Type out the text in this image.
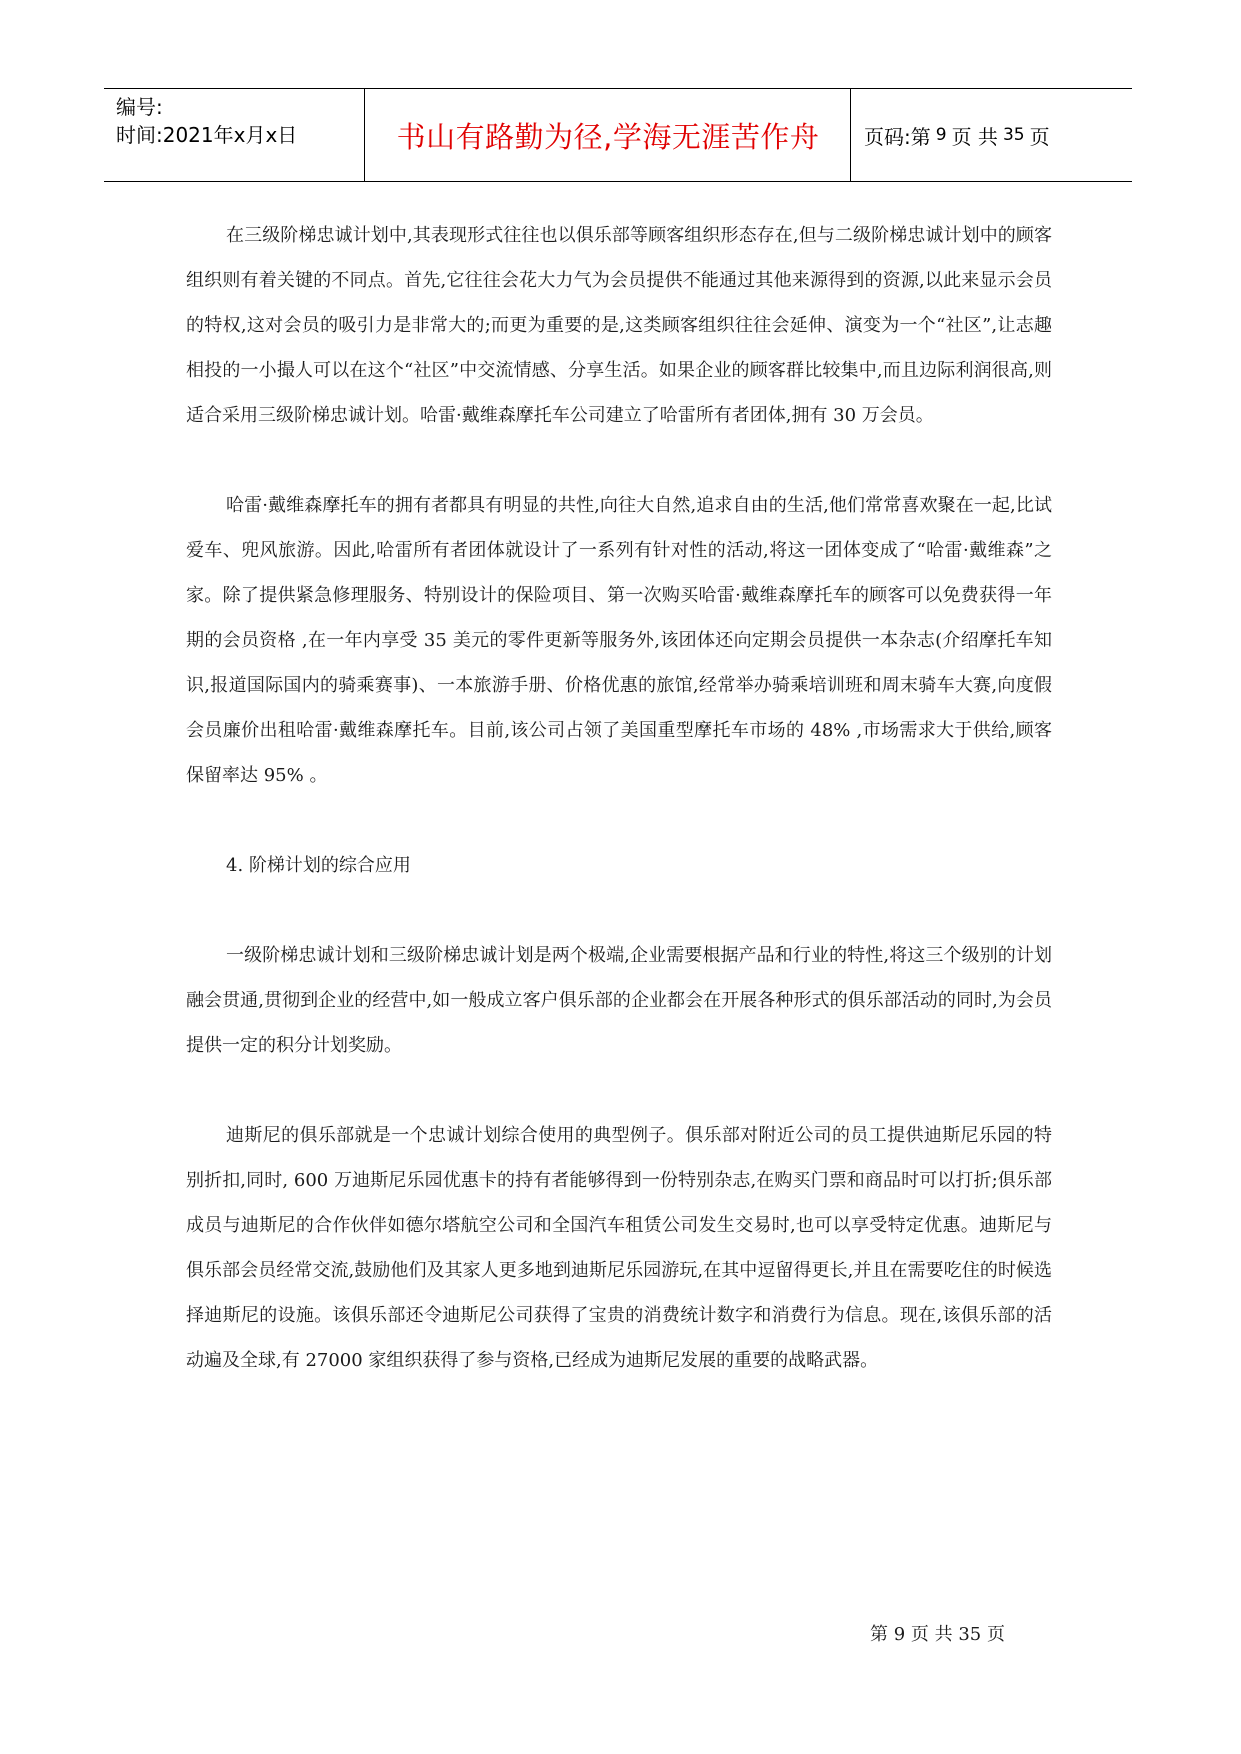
编号:
时间:2021年x月x日	书山有路勤为径,学海无涯苦作舟	页码:第 9 页 共 35 页

在三级阶梯忠诚计划中,其表现形式往往也以俱乐部等顾客组织形态存在,但与二级阶梯忠诚计划中的顾客组织则有着关键的不同点。首先,它往往会花大力气为会员提供不能通过其他来源得到的资源,以此来显示会员的特权,这对会员的吸引力是非常大的;而更为重要的是,这类顾客组织往往会延伸、演变为一个“社区”,让志趣相投的一小撮人可以在这个“社区”中交流情感、分享生活。如果企业的顾客群比较集中,而且边际利润很高,则适合采用三级阶梯忠诚计划。哈雷·戴维森摩托车公司建立了哈雷所有者团体,拥有 30 万会员。

哈雷·戴维森摩托车的拥有者都具有明显的共性,向往大自然,追求自由的生活,他们常常喜欢聚在一起,比试爱车、兜风旅游。因此,哈雷所有者团体就设计了一系列有针对性的活动,将这一团体变成了“哈雷·戴维森”之家。除了提供紧急修理服务、特别设计的保险项目、第一次购买哈雷·戴维森摩托车的顾客可以免费获得一年期的会员资格 ,在一年内享受 35 美元的零件更新等服务外,该团体还向定期会员提供一本杂志(介绍摩托车知识,报道国际国内的骑乘赛事)、一本旅游手册、价格优惠的旅馆,经常举办骑乘培训班和周末骑车大赛,向度假会员廉价出租哈雷·戴维森摩托车。目前,该公司占领了美国重型摩托车市场的 48% ,市场需求大于供给,顾客保留率达 95% 。

4. 阶梯计划的综合应用

一级阶梯忠诚计划和三级阶梯忠诚计划是两个极端,企业需要根据产品和行业的特性,将这三个级别的计划融会贯通,贯彻到企业的经营中,如一般成立客户俱乐部的企业都会在开展各种形式的俱乐部活动的同时,为会员提供一定的积分计划奖励。

迪斯尼的俱乐部就是一个忠诚计划综合使用的典型例子。俱乐部对附近公司的员工提供迪斯尼乐园的特别折扣,同时, 600 万迪斯尼乐园优惠卡的持有者能够得到一份特别杂志,在购买门票和商品时可以打折;俱乐部成员与迪斯尼的合作伙伴如德尔塔航空公司和全国汽车租赁公司发生交易时,也可以享受特定优惠。迪斯尼与俱乐部会员经常交流,鼓励他们及其家人更多地到迪斯尼乐园游玩,在其中逗留得更长,并且在需要吃住的时候选择迪斯尼的设施。该俱乐部还令迪斯尼公司获得了宝贵的消费统计数字和消费行为信息。现在,该俱乐部的活动遍及全球,有 27000 家组织获得了参与资格,已经成为迪斯尼发展的重要的战略武器。

第 9 页 共 35 页
